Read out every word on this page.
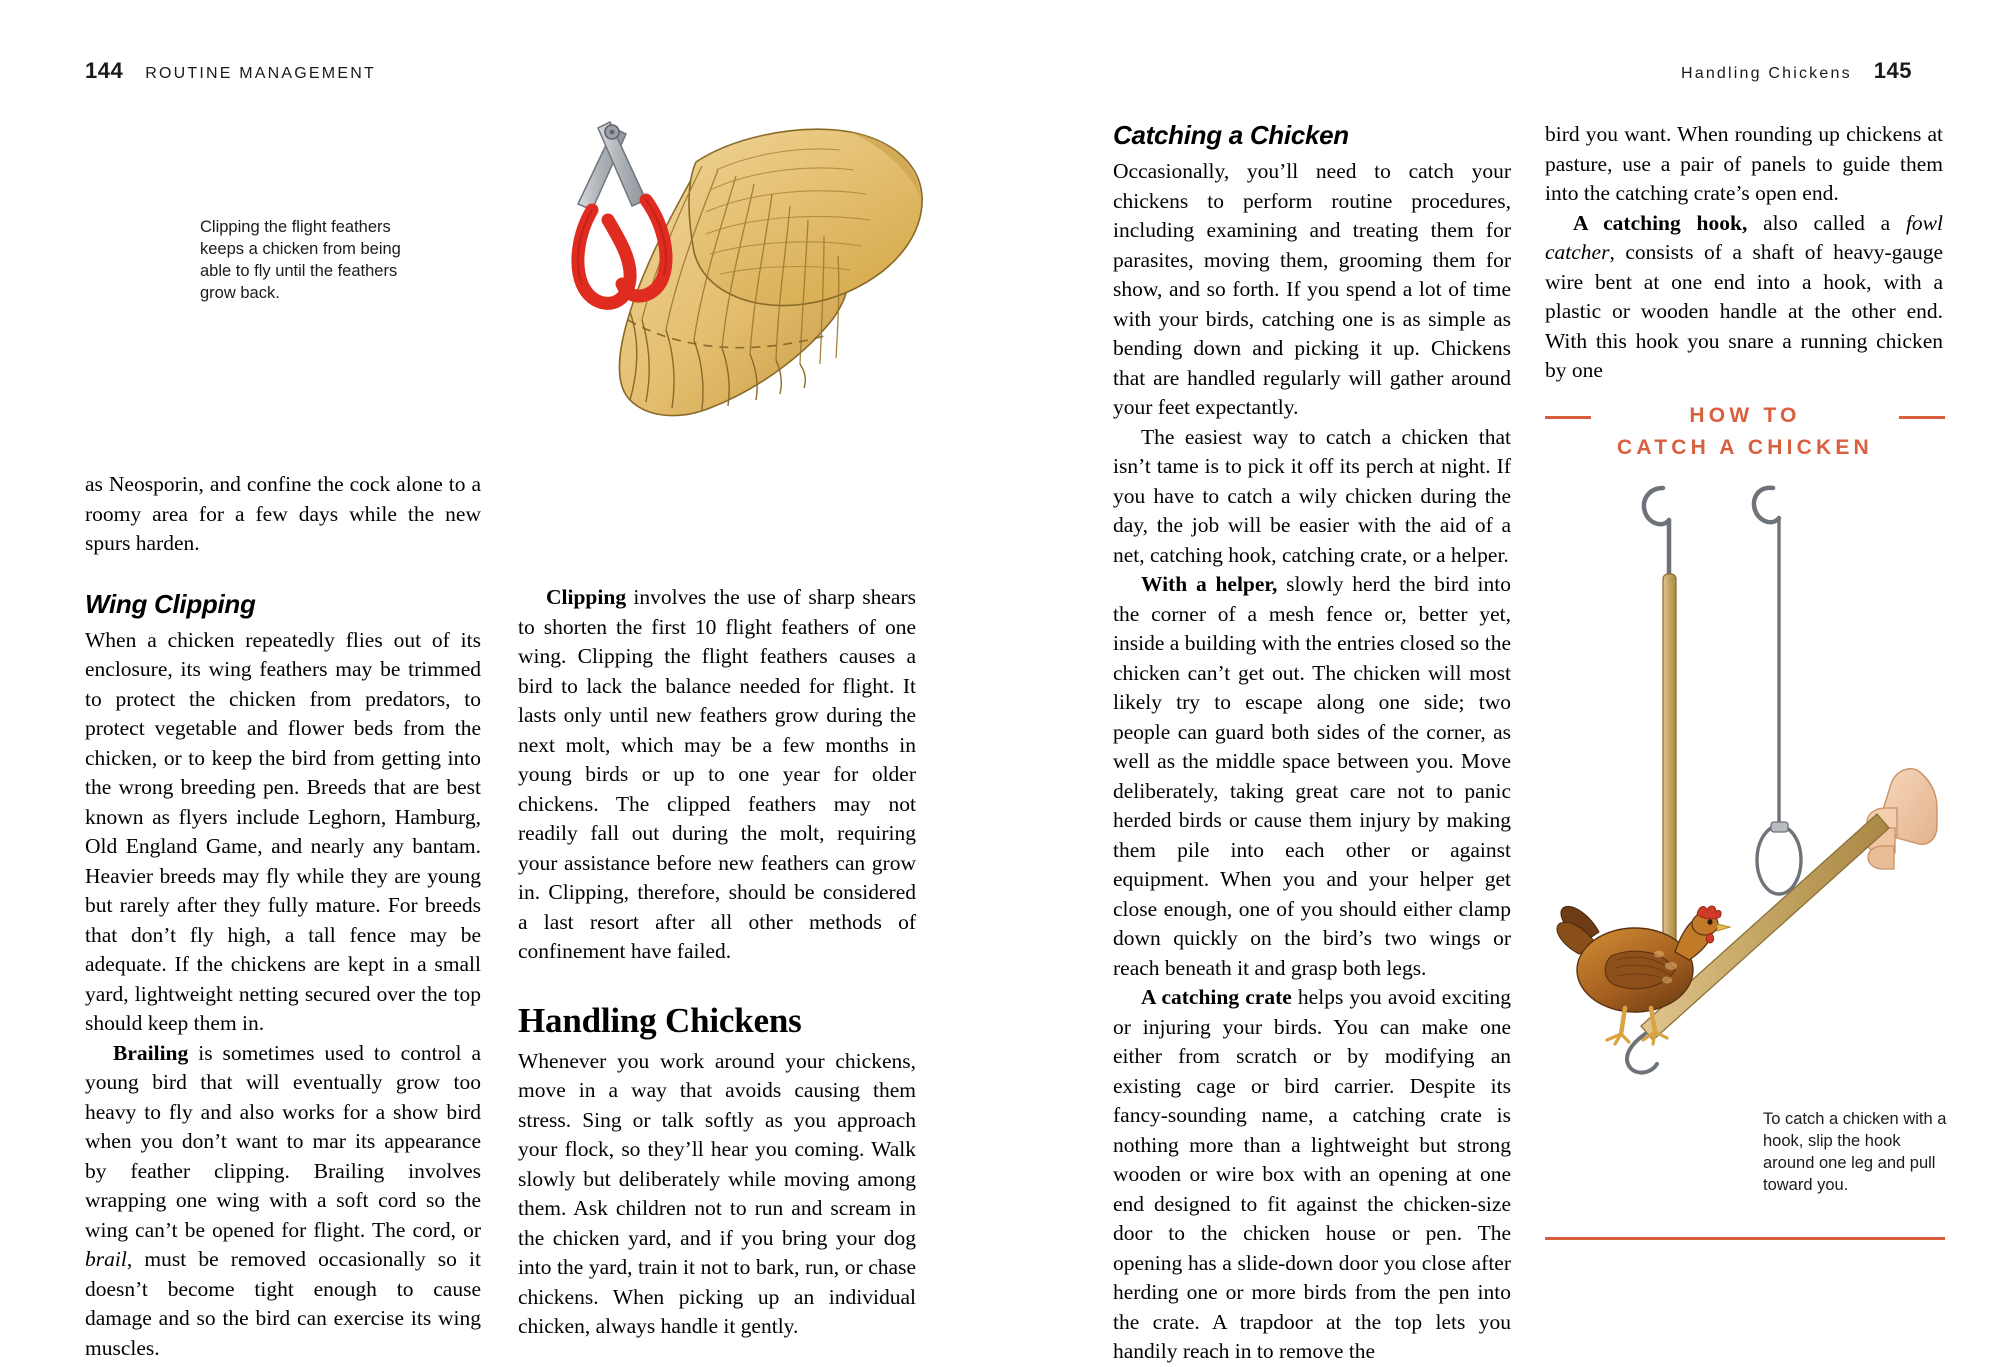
144 ROUTINE MANAGEMENT	Handling Chickens 145
Clipping the flight feathers keeps a chicken from being able to fly until the feathers grow back.

as Neosporin, and confine the cock alone to a roomy area for a few days while the new spurs harden.

Wing Clipping

When a chicken repeatedly flies out of its enclosure, its wing feathers may be trimmed to protect the chicken from predators, to protect vegetable and flower beds from the chicken, or to keep the bird from getting into the wrong breeding pen. Breeds that are best known as flyers include Leghorn, Hamburg, Old England Game, and nearly any bantam. Heavier breeds may fly while they are young but rarely after they fully mature. For breeds that don’t fly high, a tall fence may be adequate. If the chickens are kept in a small yard, lightweight netting secured over the top should keep them in.

Brailing is sometimes used to control a young bird that will eventually grow too heavy to fly and also works for a show bird when you don’t want to mar its appearance by feather clipping. Brailing involves wrapping one wing with a soft cord so the wing can’t be opened for flight. The cord, or brail, must be removed occasionally so it doesn’t become tight enough to cause damage and so the bird can exercise its wing muscles.

Clipping involves the use of sharp shears to shorten the first 10 flight feathers of one wing. Clipping the flight feathers causes a bird to lack the balance needed for flight. It lasts only until new feathers grow during the next molt, which may be a few months in young birds or up to one year for older chickens. The clipped feathers may not readily fall out during the molt, requiring your assistance before new feathers can grow in. Clipping, therefore, should be considered a last resort after all other methods of confinement have failed.

Handling Chickens

Whenever you work around your chickens, move in a way that avoids causing them stress. Sing or talk softly as you approach your flock, so they’ll hear you coming. Walk slowly but deliberately while moving among them. Ask children not to run and scream in the chicken yard, and if you bring your dog into the yard, train it not to bark, run, or chase chickens. When picking up an individual chicken, always handle it gently.

Catching a Chicken

Occasionally, you’ll need to catch your chickens to perform routine procedures, including examining and treating them for parasites, moving them, grooming them for show, and so forth. If you spend a lot of time with your birds, catching one is as simple as bending down and picking it up. Chickens that are handled regularly will gather around your feet expectantly.

The easiest way to catch a chicken that isn’t tame is to pick it off its perch at night. If you have to catch a wily chicken during the day, the job will be easier with the aid of a net, catching hook, catching crate, or a helper.

With a helper, slowly herd the bird into the corner of a mesh fence or, better yet, inside a building with the entries closed so the chicken can’t get out. The chicken will most likely try to escape along one side; two people can guard both sides of the corner, as well as the middle space between you. Move deliberately, taking great care not to panic herded birds or cause them injury by making them pile into each other or against equipment. When you and your helper get close enough, one of you should either clamp down quickly on the bird’s two wings or reach beneath it and grasp both legs.

A catching crate helps you avoid exciting or injuring your birds. You can make one either from scratch or by modifying an existing cage or bird carrier. Despite its fancy-sounding name, a catching crate is nothing more than a lightweight but strong wooden or wire box with an opening at one end designed to fit against the chicken-size door to the chicken house or pen. The opening has a slide-down door you close after herding one or more birds from the pen into the crate. A trapdoor at the top lets you handily reach in to remove the

bird you want. When rounding up chickens at pasture, use a pair of panels to guide them into the catching crate’s open end.

A catching hook, also called a fowl catcher, consists of a shaft of heavy-gauge wire bent at one end into a hook, with a plastic or wooden handle at the other end. With this hook you snare a running chicken by one

HOW TO
CATCH A CHICKEN
To catch a chicken with a hook, slip the hook around one leg and pull toward you.
